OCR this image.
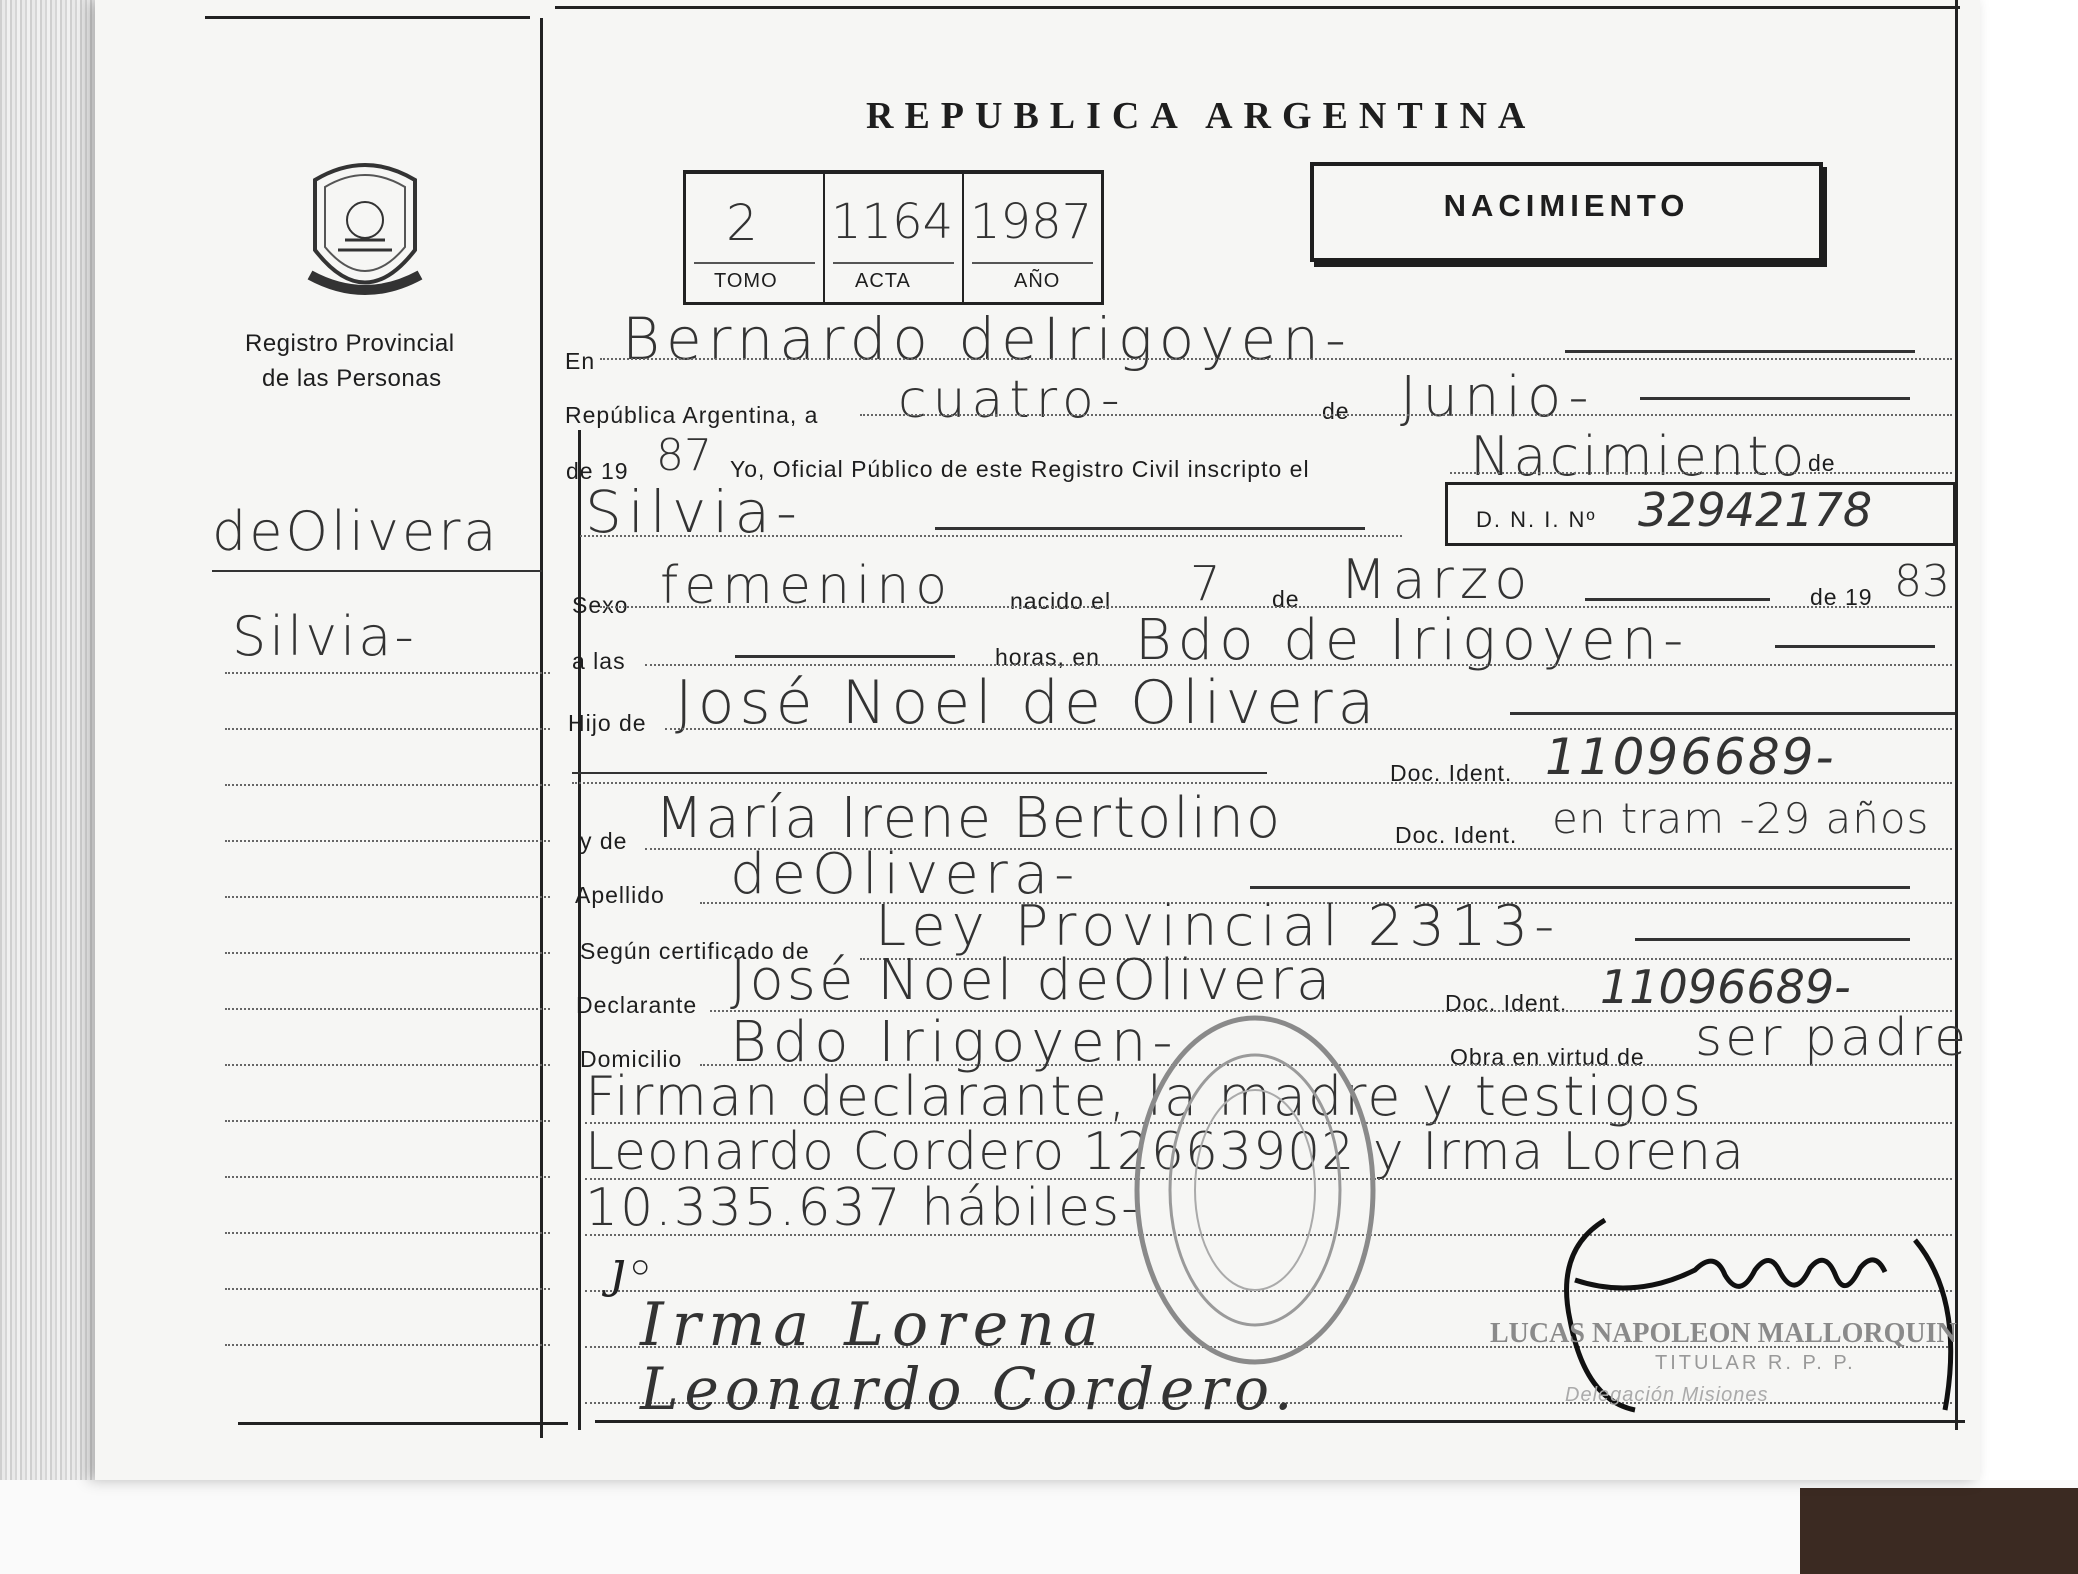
REPUBLICA ARGENTINA
NACIMIENTO
2
TOMO
1164
ACTA
1987
AÑO
Registro Provincial
de las Personas
deOlivera
Silvia-
En Bernardo deIrigoyen-
República Argentina, a cuatro-	de Junio-
de 19 87 Yo, Oficial Público de este Registro Civil inscripto el	Nacimiento de
Silvia-	D. N. I. Nº 32942178
Sexo femenino nacido el 7 de Marzo	de 19 83
a las	horas, en Bdo de Irigoyen-
Hijo de José Noel de Olivera
Doc. Ident. 11096689-
y de María Irene Bertolino	Doc. Ident. en tram -29 años
Apellido deOlivera-
Según certificado de Ley Provincial 2313-
Declarante José Noel deOlivera	Doc. Ident. 11096689-
Domicilio Bdo Irigoyen-	Obra en virtud de ser padre
Firman declarante, la madre y testigos
Leonardo Cordero 12663902 y Irma Lorena
10.335.637 hábiles-
ȷ◦
Irma Lorena
Leonardo Cordero.
LUCAS NAPOLEON MALLORQUIN
TITULAR R. P. P.
Delegación Misiones
